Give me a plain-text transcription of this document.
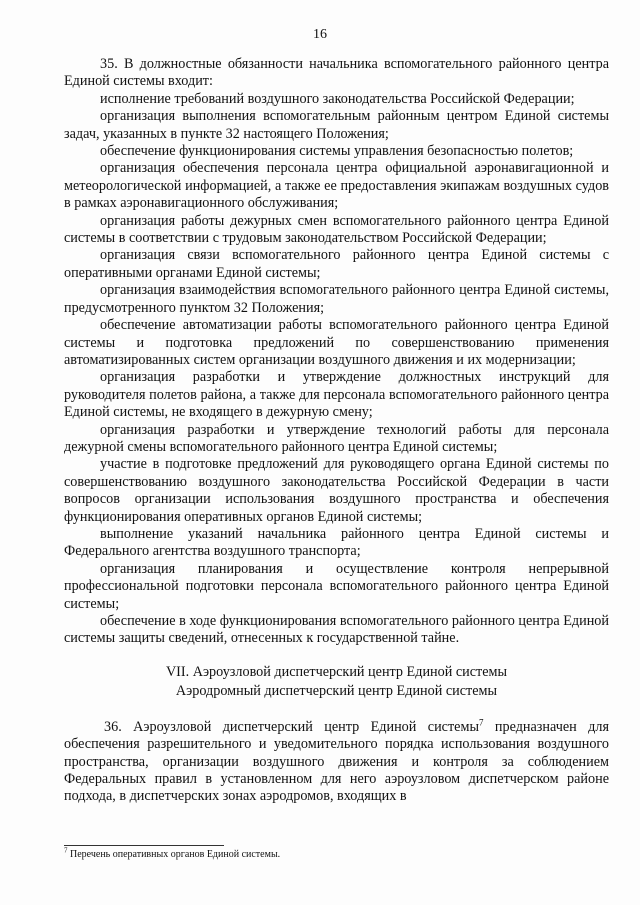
16

35. В должностные обязанности начальника вспомогательного районного центра Единой системы входит:

исполнение требований воздушного законодательства Российской Федерации;

организация выполнения вспомогательным районным центром Единой системы задач, указанных в пункте 32 настоящего Положения;

обеспечение функционирования системы управления безопасностью полетов;

организация обеспечения персонала центра официальной аэронавигационной и метеорологической информацией, а также ее предоставления экипажам воздушных судов в рамках аэронавигационного обслуживания;

организация работы дежурных смен вспомогательного районного центра Единой системы в соответствии с трудовым законодательством Российской Федерации;

организация связи вспомогательного районного центра Единой системы с оперативными органами Единой системы;

организация взаимодействия вспомогательного районного центра Единой системы, предусмотренного пунктом 32 Положения;

обеспечение автоматизации работы вспомогательного районного центра Единой системы и подготовка предложений по совершенствованию применения автоматизированных систем организации воздушного движения и их модернизации;

организация разработки и утверждение должностных инструкций для руководителя полетов района, а также для персонала вспомогательного районного центра Единой системы, не входящего в дежурную смену;

организация разработки и утверждение технологий работы для персонала дежурной смены вспомогательного районного центра Единой системы;

участие в подготовке предложений для руководящего органа Единой системы по совершенствованию воздушного законодательства Российской Федерации в части вопросов организации использования воздушного пространства и обеспечения функционирования оперативных органов Единой системы;

выполнение указаний начальника районного центра Единой системы и Федерального агентства воздушного транспорта;

организация планирования и осуществление контроля непрерывной профессиональной подготовки персонала вспомогательного районного центра Единой системы;

обеспечение в ходе функционирования вспомогательного районного центра Единой системы защиты сведений, отнесенных к государственной тайне.

VII. Аэроузловой диспетчерский центр Единой системы

Аэродромный диспетчерский центр Единой системы

36. Аэроузловой диспетчерский центр Единой системы$^7$ предназначен для обеспечения разрешительного и уведомительного порядка использования воздушного пространства, организации воздушного движения и контроля за соблюдением Федеральных правил в установленном для него аэроузловом диспетчерском районе подхода, в диспетчерских зонах аэродромов, входящих в

$^7$ Перечень оперативных органов Единой системы.
